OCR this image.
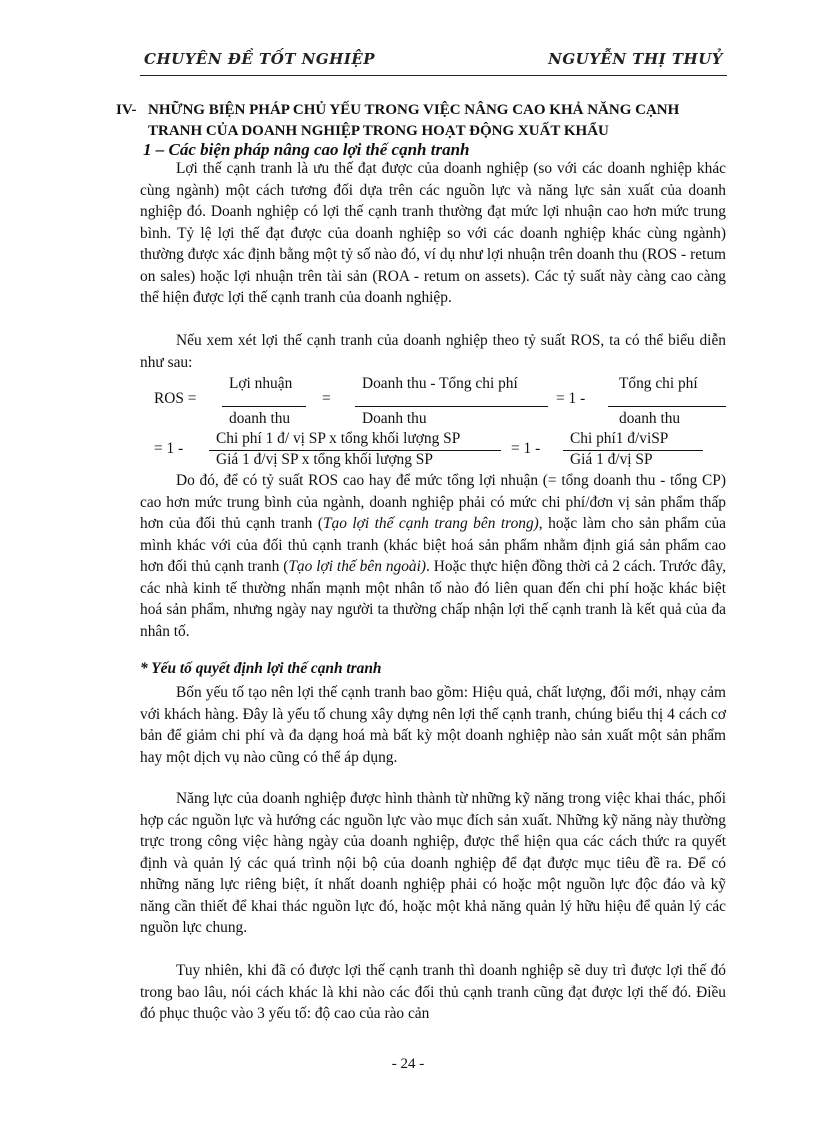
CHUYÊN ĐỀ TỐT NGHIỆP	NGUYỄN THỊ THUỶ
IV- NHỮNG BIỆN PHÁP CHỦ YẾU TRONG VIỆC NÂNG CAO KHẢ NĂNG CẠNH
TRANH CỦA DOANH NGHIỆP TRONG HOẠT ĐỘNG XUẤT KHẨU
1 – Các biện pháp nâng cao lợi thế cạnh tranh

Lợi thế cạnh tranh là ưu thế đạt được của doanh nghiệp (so với các doanh nghiệp khác cùng ngành) một cách tương đối dựa trên các nguồn lực và năng lực sản xuất của doanh nghiệp đó. Doanh nghiệp có lợi thế cạnh tranh thường đạt mức lợi nhuận cao hơn mức trung bình. Tỷ lệ lợi thế đạt được của doanh nghiệp so với các doanh nghiệp khác cùng ngành) thường được xác định bằng một tỷ số nào đó, ví dụ như lợi nhuận trên doanh thu (ROS - retum on sales) hoặc lợi nhuận trên tài sản (ROA - retum on assets). Các tỷ suất này càng cao càng thể hiện được lợi thế cạnh tranh của doanh nghiệp.

Nếu xem xét lợi thế cạnh tranh của doanh nghiệp theo tỷ suất ROS, ta có thể biểu diễn như sau:

ROS =
Lợi nhuận
doanh thu
=
Doanh thu - Tổng chi phí
Doanh thu
= 1 -
Tổng chi phí
doanh thu
= 1 -
Chi phí 1 đ/ vị SP x tổng khối lượng SP
Giá 1 đ/vị SP x tổng khối lượng SP
= 1 -
Chi phí1 đ/viSP
Giá 1 đ/vị SP

Do đó, để có tỷ suất ROS cao hay để mức tổng lợi nhuận (= tổng doanh thu - tổng CP) cao hơn mức trung bình của ngành, doanh nghiệp phải có mức chi phí/đơn vị sản phẩm thấp hơn của đối thủ cạnh tranh (Tạo lợi thế cạnh trang bên trong), hoặc làm cho sản phẩm của mình khác với của đối thủ cạnh tranh (khác biệt hoá sản phẩm nhằm định giá sản phẩm cao hơn đối thủ cạnh tranh (Tạo lợi thế bên ngoài). Hoặc thực hiện đồng thời cả 2 cách. Trước đây, các nhà kinh tế thường nhấn mạnh một nhân tố nào đó liên quan đến chi phí hoặc khác biệt hoá sản phẩm, nhưng ngày nay người ta thường chấp nhận lợi thế cạnh tranh là kết quả của đa nhân tố.

* Yếu tố quyết định lợi thế cạnh tranh

Bốn yếu tố tạo nên lợi thế cạnh tranh bao gồm: Hiệu quả, chất lượng, đổi mới, nhạy cảm với khách hàng. Đây là yếu tố chung xây dựng nên lợi thế cạnh tranh, chúng biểu thị 4 cách cơ bản để giảm chi phí và đa dạng hoá mà bất kỳ một doanh nghiệp nào sản xuất một sản phẩm hay một dịch vụ nào cũng có thể áp dụng.

Năng lực của doanh nghiệp được hình thành từ những kỹ năng trong việc khai thác, phối hợp các nguồn lực và hướng các nguồn lực vào mục đích sản xuất. Những kỹ năng này thường trực trong công việc hàng ngày của doanh nghiệp, được thể hiện qua các cách thức ra quyết định và quản lý các quá trình nội bộ của doanh nghiệp để đạt được mục tiêu đề ra. Để có những năng lực riêng biệt, ít nhất doanh nghiệp phải có hoặc một nguồn lực độc đáo và kỹ năng cần thiết để khai thác nguồn lực đó, hoặc một khả năng quản lý hữu hiệu để quản lý các nguồn lực chung.

Tuy nhiên, khi đã có được lợi thế cạnh tranh thì doanh nghiệp sẽ duy trì được lợi thế đó trong bao lâu, nói cách khác là khi nào các đối thủ cạnh tranh cũng đạt được lợi thế đó. Điều đó phục thuộc vào 3 yếu tố: độ cao của rào cản

- 24 -
